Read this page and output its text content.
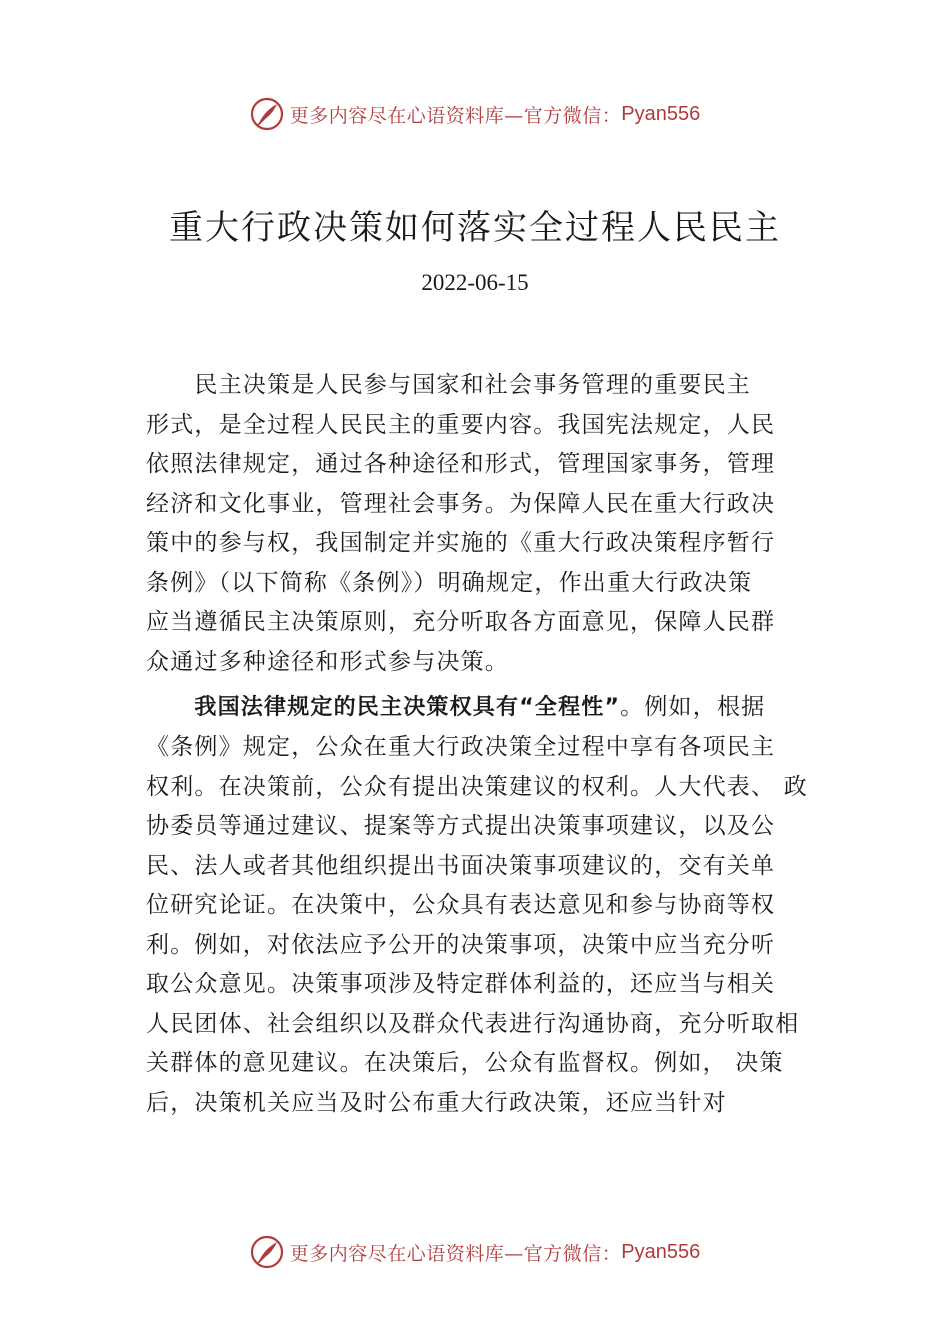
更多内容尽在心语资料库—官方微信： Pyan556
重大行政决策如何落实全过程人民民主
2022-06-15
　　民主决策是人民参与国家和社会事务管理的重要民主
形式，是全过程人民民主的重要内容。我国宪法规定，人民
依照法律规定，通过各种途径和形式，管理国家事务，管理
经济和文化事业，管理社会事务。为保障人民在重大行政决
策中的参与权，我国制定并实施的《重大行政决策程序暂行
条例》（以下简称《条例》）明确规定，作出重大行政决策
应当遵循民主决策原则，充分听取各方面意见，保障人民群
众通过多种途径和形式参与决策。
　　我国法律规定的民主决策权具有“全程性”。例如，根据
《条例》规定，公众在重大行政决策全过程中享有各项民主
权利。在决策前，公众有提出决策建议的权利。人大代表、 政
协委员等通过建议、提案等方式提出决策事项建议，以及公
民、法人或者其他组织提出书面决策事项建议的，交有关单
位研究论证。在决策中，公众具有表达意见和参与协商等权
利。例如，对依法应予公开的决策事项，决策中应当充分听
取公众意见。决策事项涉及特定群体利益的，还应当与相关
人民团体、社会组织以及群众代表进行沟通协商，充分听取相
关群体的意见建议。在决策后，公众有监督权。例如， 决策
后，决策机关应当及时公布重大行政决策，还应当针对
更多内容尽在心语资料库—官方微信： Pyan556
